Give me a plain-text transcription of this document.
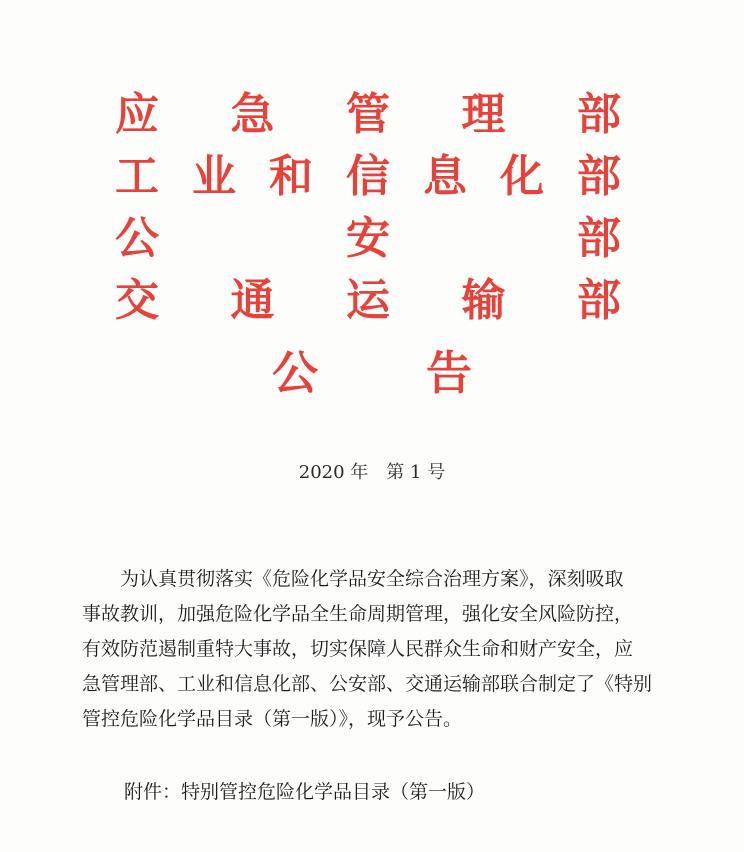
应 急 管 理 部
工 业 和 信 息 化 部
公	安	部
交 通 运 输 部
公 告
2020 年　第 1 号
　　为认真贯彻落实《危险化学品安全综合治理方案》，深刻吸取
事故教训，加强危险化学品全生命周期管理，强化安全风险防控，
有效防范遏制重特大事故，切实保障人民群众生命和财产安全，应
急管理部、工业和信息化部、公安部、交通运输部联合制定了《特别
管控危险化学品目录（第一版）》，现予公告。
附件：特别管控危险化学品目录（第一版）
